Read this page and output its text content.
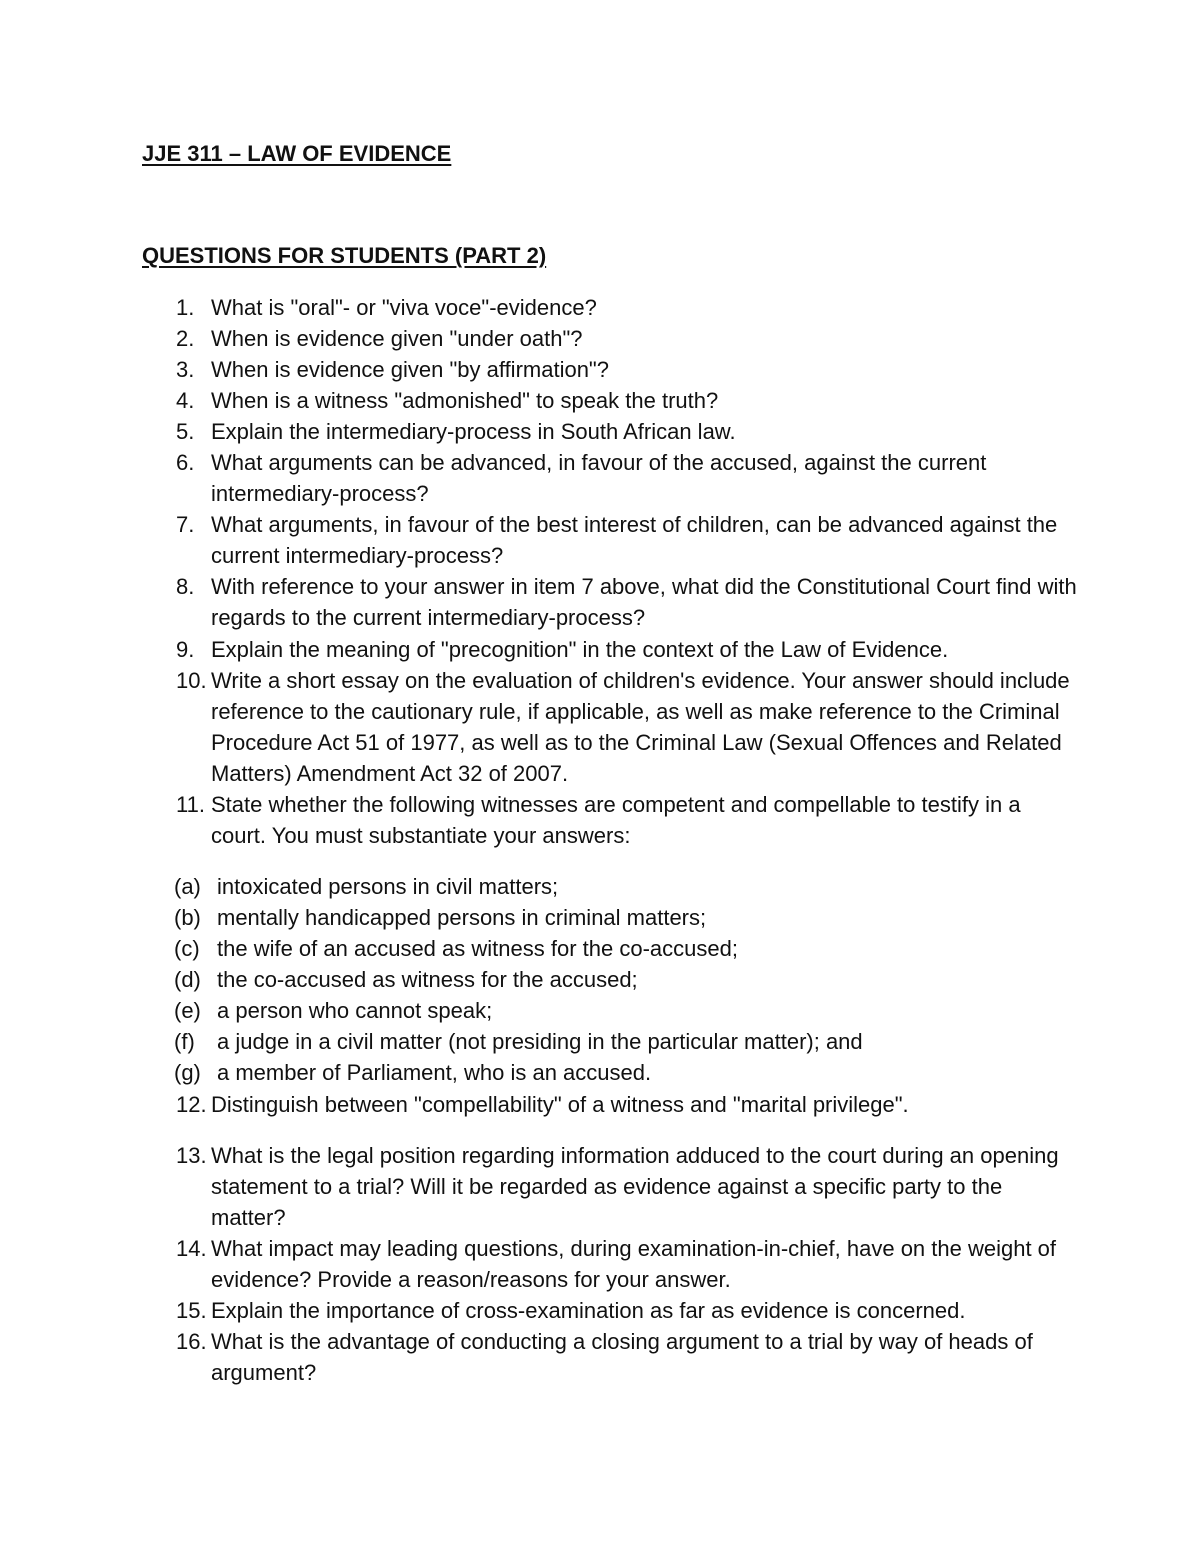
JJE 311 – LAW OF EVIDENCE
QUESTIONS FOR STUDENTS (PART 2)
1. What is "oral"- or "viva voce"-evidence?
2. When is evidence given "under oath"?
3. When is evidence given "by affirmation"?
4. When is a witness "admonished" to speak the truth?
5. Explain the intermediary-process in South African law.
6. What arguments can be advanced, in favour of the accused, against the current intermediary-process?
7. What arguments, in favour of the best interest of children, can be advanced against the current intermediary-process?
8. With reference to your answer in item 7 above, what did the Constitutional Court find with regards to the current intermediary-process?
9. Explain the meaning of "precognition" in the context of the Law of Evidence.
10. Write a short essay on the evaluation of children's evidence. Your answer should include reference to the cautionary rule, if applicable, as well as make reference to the Criminal Procedure Act 51 of 1977, as well as to the Criminal Law (Sexual Offences and Related Matters) Amendment Act 32 of 2007.
11. State whether the following witnesses are competent and compellable to testify in a court. You must substantiate your answers:
(a) intoxicated persons in civil matters;
(b) mentally handicapped persons in criminal matters;
(c) the wife of an accused as witness for the co-accused;
(d) the co-accused as witness for the accused;
(e) a person who cannot speak;
(f) a judge in a civil matter (not presiding in the particular matter); and
(g) a member of Parliament, who is an accused.
12. Distinguish between "compellability" of a witness and "marital privilege".
13. What is the legal position regarding information adduced to the court during an opening statement to a trial? Will it be regarded as evidence against a specific party to the matter?
14. What impact may leading questions, during examination-in-chief, have on the weight of evidence? Provide a reason/reasons for your answer.
15. Explain the importance of cross-examination as far as evidence is concerned.
16. What is the advantage of conducting a closing argument to a trial by way of heads of argument?
